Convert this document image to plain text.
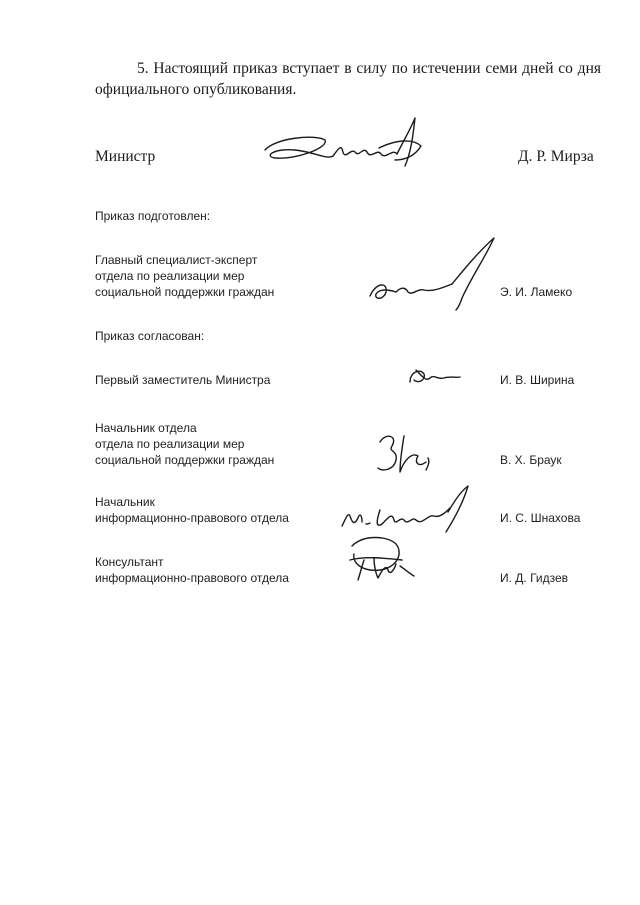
5. Настоящий приказ вступает в силу по истечении семи дней со дня официального опубликования.
Министр	Д. Р. Мирза
Приказ подготовлен:
Главный специалист-эксперт
отдела по реализации мер
социальной поддержки граждан	Э. И. Ламеко
Приказ согласован:
Первый заместитель Министра	И. В. Ширина
Начальник отдела
отдела по реализации мер
социальной поддержки граждан	В. Х. Браук
Начальник
информационно-правового отдела	И. С. Шнахова
Консультант
информационно-правового отдела	И. Д. Гидзев
